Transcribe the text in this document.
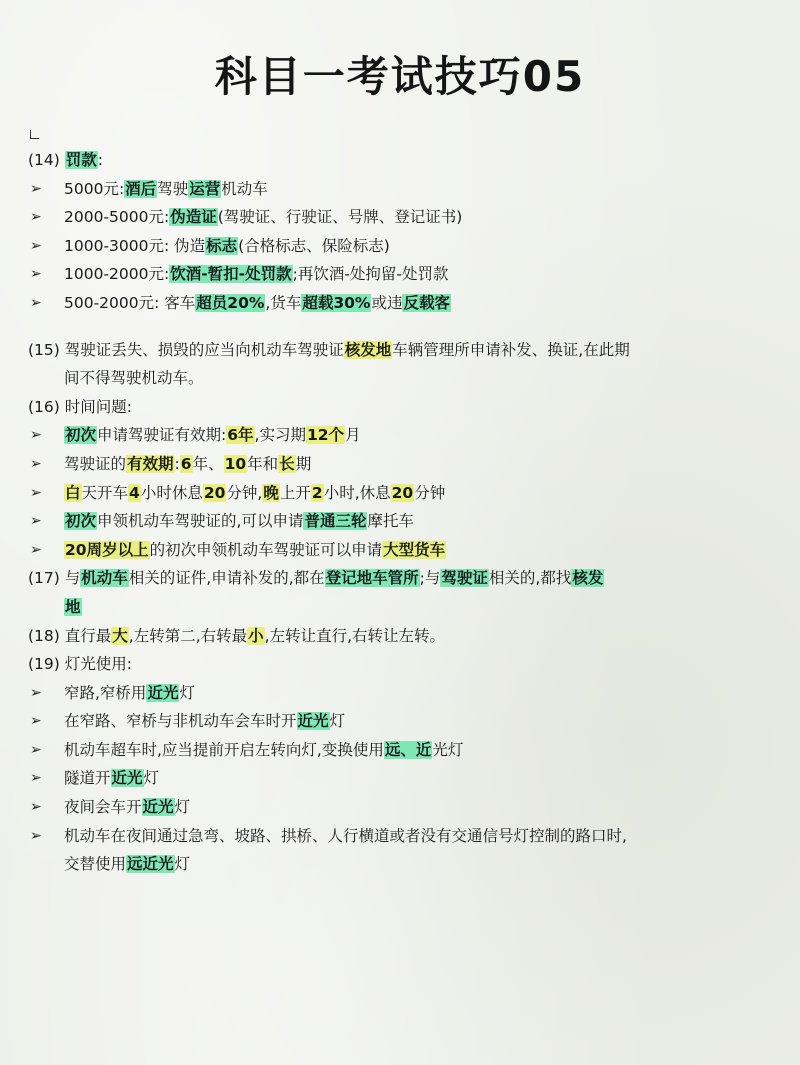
科目一考试技巧05
(14) 罚款:
➢ 5000元:酒后驾驶运营机动车
➢ 2000-5000元:伪造证(驾驶证、行驶证、号牌、登记证书)
➢ 1000-3000元: 伪造标志(合格标志、保险标志)
➢ 1000-2000元:饮酒-暂扣-处罚款;再饮酒-处拘留-处罚款
➢ 500-2000元: 客车超员20%,货车超载30%或违反载客
(15) 驾驶证丢失、损毁的应当向机动车驾驶证核发地车辆管理所申请补发、换证,在此期
间不得驾驶机动车。
(16) 时间问题:
➢ 初次申请驾驶证有效期:6年,实习期12个月
➢ 驾驶证的有效期:6年、10年和长期
➢ 白天开车4小时休息20分钟,晚上开2小时,休息20分钟
➢ 初次申领机动车驾驶证的,可以申请普通三轮摩托车
➢ 20周岁以上的初次申领机动车驾驶证可以申请大型货车
(17) 与机动车相关的证件,申请补发的,都在登记地车管所;与驾驶证相关的,都找核发
地
(18) 直行最大,左转第二,右转最小,左转让直行,右转让左转。
(19) 灯光使用:
➢ 窄路,窄桥用近光灯
➢ 在窄路、窄桥与非机动车会车时开近光灯
➢ 机动车超车时,应当提前开启左转向灯,变换使用远、近光灯
➢ 隧道开近光灯
➢ 夜间会车开近光灯
➢ 机动车在夜间通过急弯、坡路、拱桥、人行横道或者没有交通信号灯控制的路口时,
交替使用远近光灯
